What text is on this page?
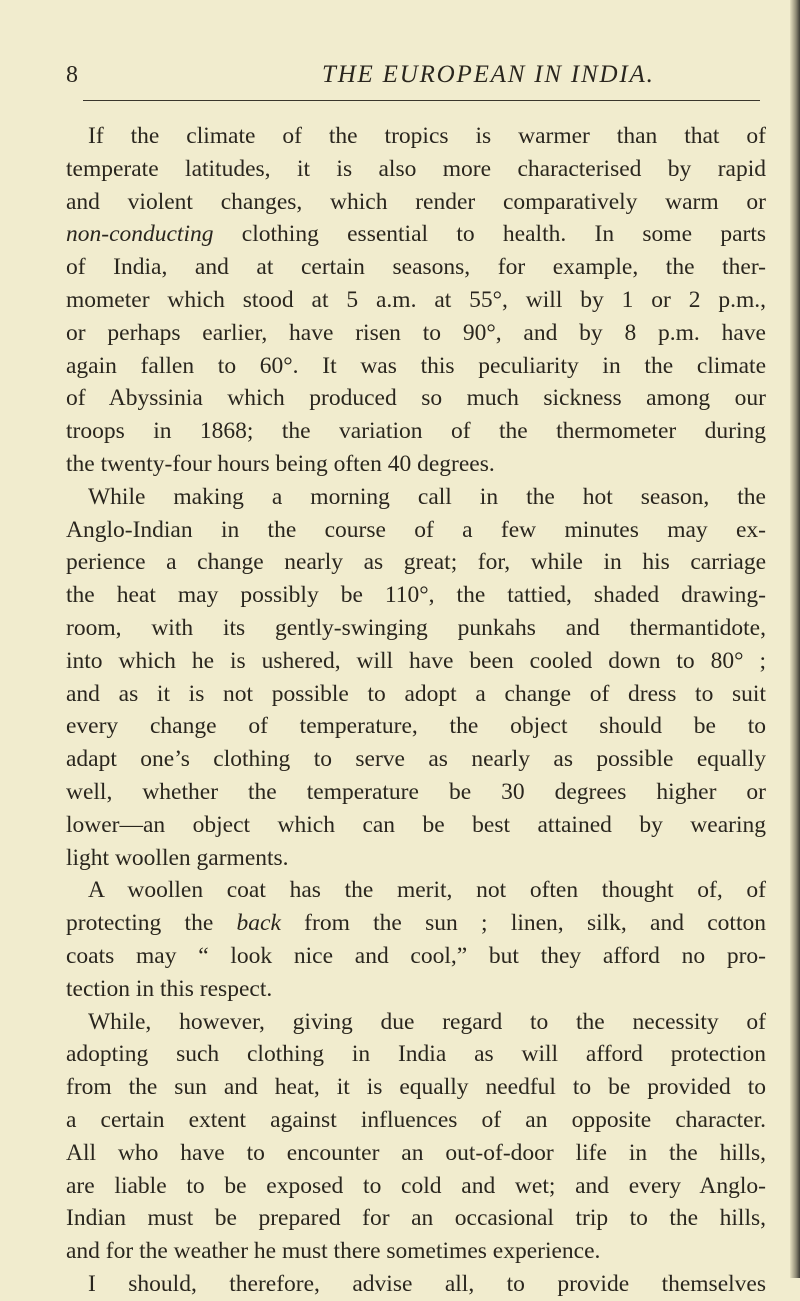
8	THE EUROPEAN IN INDIA.
If the climate of the tropics is warmer than that of
temperate latitudes, it is also more characterised by rapid
and violent changes, which render comparatively warm or
non-conducting clothing essential to health. In some parts
of India, and at certain seasons, for example, the ther-
mometer which stood at 5 a.m. at 55°, will by 1 or 2 p.m.,
or perhaps earlier, have risen to 90°, and by 8 p.m. have
again fallen to 60°. It was this peculiarity in the climate
of Abyssinia which produced so much sickness among our
troops in 1868; the variation of the thermometer during
the twenty-four hours being often 40 degrees.
While making a morning call in the hot season, the
Anglo-Indian in the course of a few minutes may ex-
perience a change nearly as great; for, while in his carriage
the heat may possibly be 110°, the tattied, shaded drawing-
room, with its gently-swinging punkahs and thermantidote,
into which he is ushered, will have been cooled down to 80° ;
and as it is not possible to adopt a change of dress to suit
every change of temperature, the object should be to
adapt one’s clothing to serve as nearly as possible equally
well, whether the temperature be 30 degrees higher or
lower—an object which can be best attained by wearing
light woollen garments.
A woollen coat has the merit, not often thought of, of
protecting the back from the sun ; linen, silk, and cotton
coats may “ look nice and cool,” but they afford no pro-
tection in this respect.
While, however, giving due regard to the necessity of
adopting such clothing in India as will afford protection
from the sun and heat, it is equally needful to be provided to
a certain extent against influences of an opposite character.
All who have to encounter an out-of-door life in the hills,
are liable to be exposed to cold and wet; and every Anglo-
Indian must be prepared for an occasional trip to the hills,
and for the weather he must there sometimes experience.
I should, therefore, advise all, to provide themselves
